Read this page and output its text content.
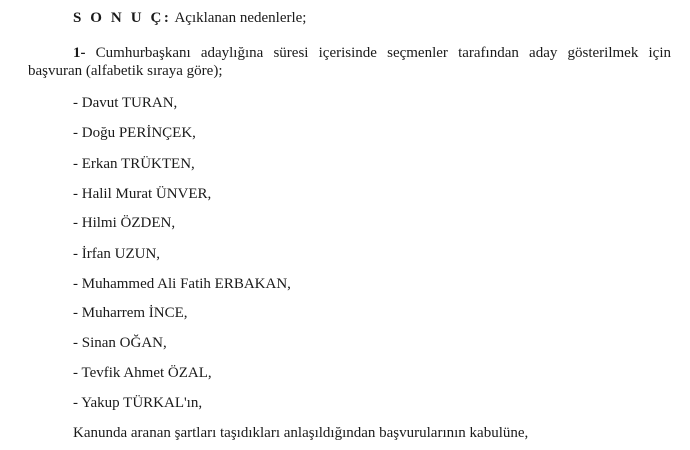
S O N U Ç: Açıklanan nedenlerle;
1- Cumhurbaşkanı adaylığına süresi içerisinde seçmenler tarafından aday gösterilmek için
başvuran (alfabetik sıraya göre);
- Davut TURAN,
- Doğu PERİNÇEK,
- Erkan TRÜKTEN,
- Halil Murat ÜNVER,
- Hilmi ÖZDEN,
- İrfan UZUN,
- Muhammed Ali Fatih ERBAKAN,
- Muharrem İNCE,
- Sinan OĞAN,
- Tevfik Ahmet ÖZAL,
- Yakup TÜRKAL'ın,
Kanunda aranan şartları taşıdıkları anlaşıldığından başvurularının kabulüne,
